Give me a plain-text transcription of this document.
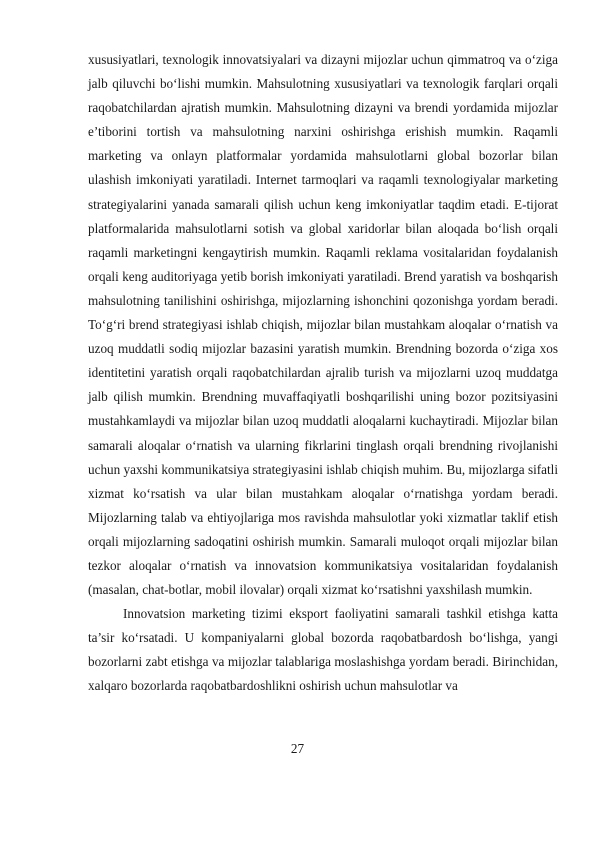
xususiyatlari, texnologik innovatsiyalari va dizayni mijozlar uchun qimmatroq va o‘ziga jalb qiluvchi bo‘lishi mumkin. Mahsulotning xususiyatlari va texnologik farqlari orqali raqobatchilardan ajratish mumkin. Mahsulotning dizayni va brendi yordamida mijozlar e’tiborini tortish va mahsulotning narxini oshirishga erishish mumkin. Raqamli marketing va onlayn platformalar yordamida mahsulotlarni global bozorlar bilan ulashish imkoniyati yaratiladi. Internet tarmoqlari va raqamli texnologiyalar marketing strategiyalarini yanada samarali qilish uchun keng imkoniyatlar taqdim etadi. E-tijorat platformalarida mahsulotlarni sotish va global xaridorlar bilan aloqada bo‘lish orqali raqamli marketingni kengaytirish mumkin. Raqamli reklama vositalaridan foydalanish orqali keng auditoriyaga yetib borish imkoniyati yaratiladi. Brend yaratish va boshqarish mahsulotning tanilishini oshirishga, mijozlarning ishonchini qozonishga yordam beradi. To‘g‘ri brend strategiyasi ishlab chiqish, mijozlar bilan mustahkam aloqalar o‘rnatish va uzoq muddatli sodiq mijozlar bazasini yaratish mumkin. Brendning bozorda o‘ziga xos identitetini yaratish orqali raqobatchilardan ajralib turish va mijozlarni uzoq muddatga jalb qilish mumkin. Brendning muvaffaqiyatli boshqarilishi uning bozor pozitsiyasini mustahkamlaydi va mijozlar bilan uzoq muddatli aloqalarni kuchaytiradi. Mijozlar bilan samarali aloqalar o‘rnatish va ularning fikrlarini tinglash orqali brendning rivojlanishi uchun yaxshi kommunikatsiya strategiyasini ishlab chiqish muhim. Bu, mijozlarga sifatli xizmat ko‘rsatish va ular bilan mustahkam aloqalar o‘rnatishga yordam beradi. Mijozlarning talab va ehtiyojlariga mos ravishda mahsulotlar yoki xizmatlar taklif etish orqali mijozlarning sadoqatini oshirish mumkin. Samarali muloqot orqali mijozlar bilan tezkor aloqalar o‘rnatish va innovatsion kommunikatsiya vositalaridan foydalanish (masalan, chat-botlar, mobil ilovalar) orqali xizmat ko‘rsatishni yaxshilash mumkin.

Innovatsion marketing tizimi eksport faoliyatini samarali tashkil etishga katta ta’sir ko‘rsatadi. U kompaniyalarni global bozorda raqobatbardosh bo‘lishga, yangi bozorlarni zabt etishga va mijozlar talablariga moslashishga yordam beradi. Birinchidan, xalqaro bozorlarda raqobatbardoshlikni oshirish uchun mahsulotlar va

27
